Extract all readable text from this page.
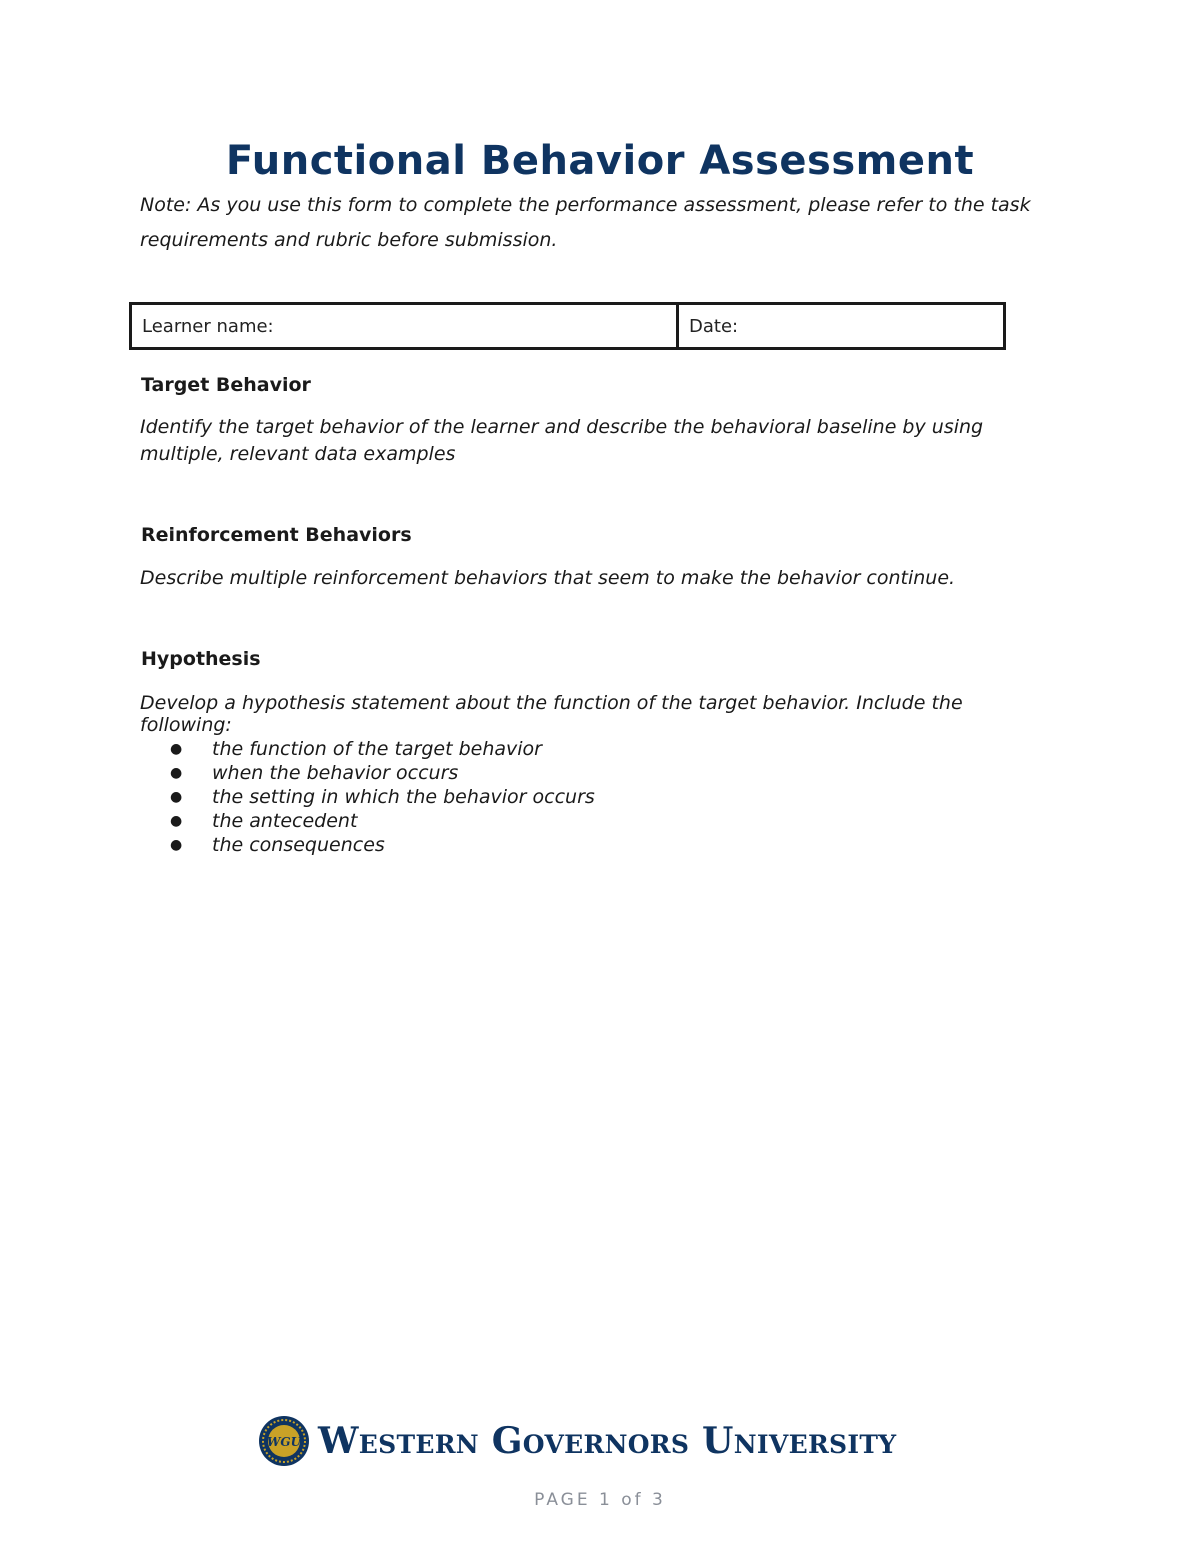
Functional Behavior Assessment

Note: As you use this form to complete the performance assessment, please refer to the task requirements and rubric before submission.

Learner name:	Date:
Target Behavior

Identify the target behavior of the learner and describe the behavioral baseline by using multiple, relevant data examples

Reinforcement Behaviors

Describe multiple reinforcement behaviors that seem to make the behavior continue.

Hypothesis

Develop a hypothesis statement about the function of the target behavior. Include the following:

● the function of the target behavior
● when the behavior occurs
● the setting in which the behavior occurs
● the antecedent
● the consequences
WGU Western Governors University
PAGE 1 of 3
